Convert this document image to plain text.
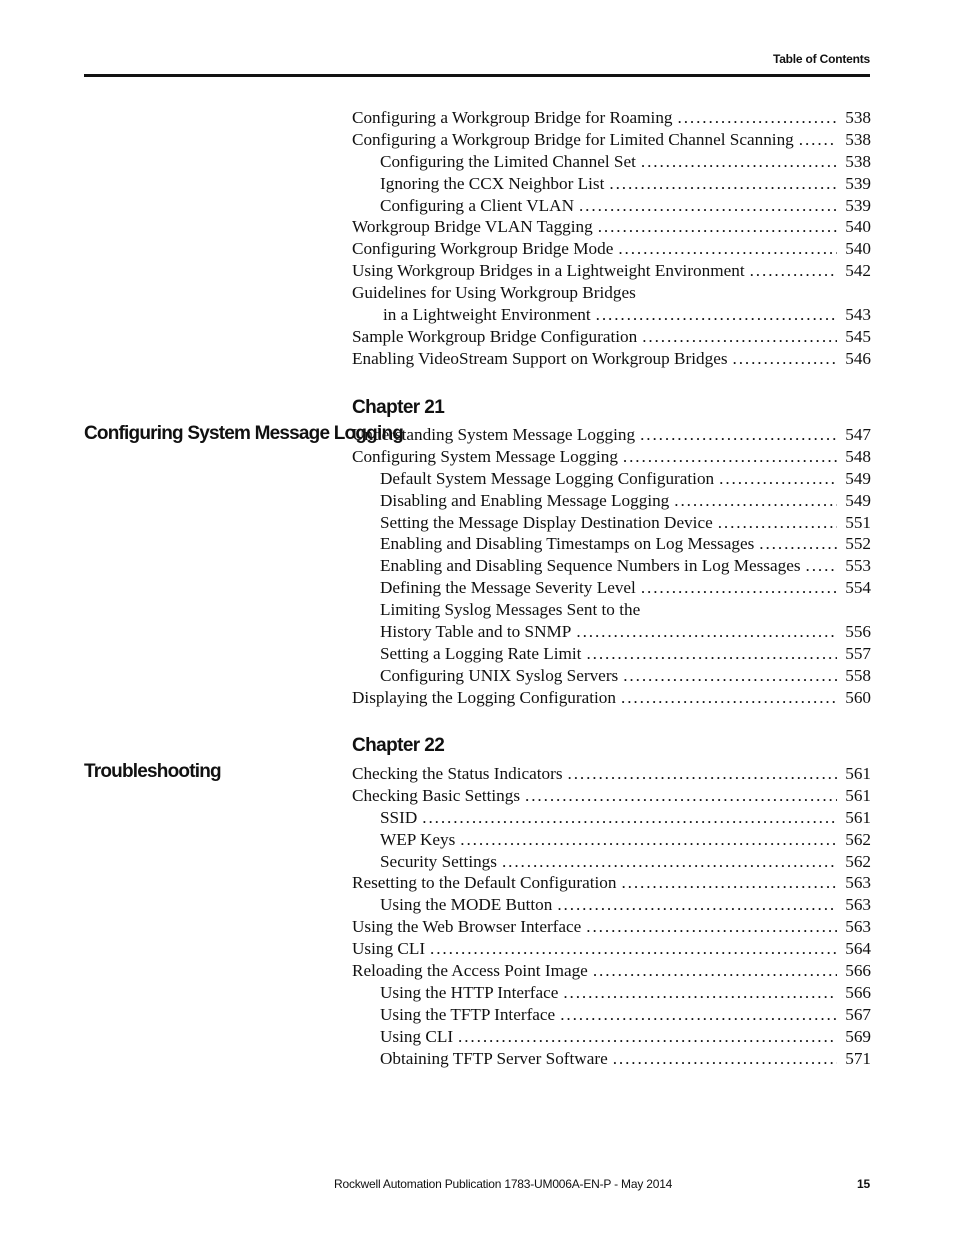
Table of Contents
Configuring a Workgroup Bridge for Roaming . . .	538
Configuring a Workgroup Bridge for Limited Channel Scanning . . .	538
Configuring the Limited Channel Set . . .	538
Ignoring the CCX Neighbor List . . .	539
Configuring a Client VLAN . . .	539
Workgroup Bridge VLAN Tagging . . .	540
Configuring Workgroup Bridge Mode . . .	540
Using Workgroup Bridges in a Lightweight Environment . . .	542
Guidelines for Using Workgroup Bridges
in a Lightweight Environment . . .	543
Sample Workgroup Bridge Configuration . . .	545
Enabling VideoStream Support on Workgroup Bridges . . .	546
Chapter 21
Configuring System Message Logging
Understanding System Message Logging . . .	547
Configuring System Message Logging . . .	548
Default System Message Logging Configuration . . .	549
Disabling and Enabling Message Logging . . .	549
Setting the Message Display Destination Device . . .	551
Enabling and Disabling Timestamps on Log Messages . . .	552
Enabling and Disabling Sequence Numbers in Log Messages . . .	553
Defining the Message Severity Level . . .	554
Limiting Syslog Messages Sent to the
History Table and to SNMP . . .	556
Setting a Logging Rate Limit . . .	557
Configuring UNIX Syslog Servers . . .	558
Displaying the Logging Configuration . . .	560
Chapter 22
Troubleshooting	Checking the Status Indicators . . .	561
Checking Basic Settings . . .	561
SSID . . .	561
WEP Keys . . .	562
Security Settings . . .	562
Resetting to the Default Configuration . . .	563
Using the MODE Button . . .	563
Using the Web Browser Interface . . .	563
Using CLI . . .	564
Reloading the Access Point Image . . .	566
Using the HTTP Interface . . .	566
Using the TFTP Interface . . .	567
Using CLI . . .	569
Obtaining TFTP Server Software . . .	571
Rockwell Automation Publication 1783-UM006A-EN-P - May 2014	15
